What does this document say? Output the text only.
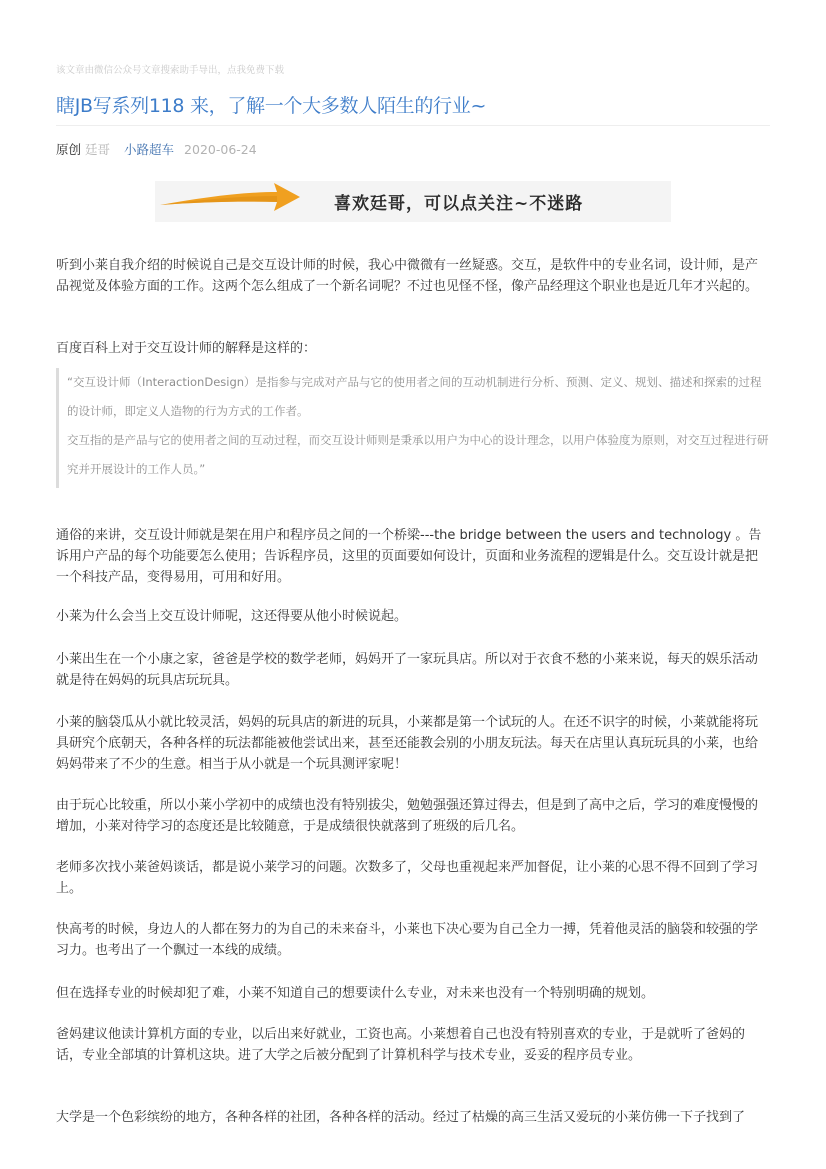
该文章由微信公众号文章搜索助手导出，点我免费下载
瞎JB写系列118 来，了解一个大多数人陌生的行业~
原创 廷哥 小路超车 2020-06-24
喜欢廷哥，可以点关注~不迷路

听到小莱自我介绍的时候说自己是交互设计师的时候，我心中微微有一丝疑惑。交互，是软件中的专业名词，设计师，是产品视觉及体验方面的工作。这两个怎么组成了一个新名词呢？不过也见怪不怪，像产品经理这个职业也是近几年才兴起的。

百度百科上对于交互设计师的解释是这样的：

“交互设计师（InteractionDesign）是指参与完成对产品与它的使用者之间的互动机制进行分析、预测、定义、规划、描述和探索的过程的设计师，即定义人造物的行为方式的工作者。

交互指的是产品与它的使用者之间的互动过程，而交互设计师则是秉承以用户为中心的设计理念，以用户体验度为原则，对交互过程进行研究并开展设计的工作人员。”

通俗的来讲，交互设计师就是架在用户和程序员之间的一个桥梁---the bridge between the users and technology 。告诉用户产品的每个功能要怎么使用；告诉程序员，这里的页面要如何设计，页面和业务流程的逻辑是什么。交互设计就是把一个科技产品，变得易用，可用和好用。

小莱为什么会当上交互设计师呢，这还得要从他小时候说起。

小莱出生在一个小康之家，爸爸是学校的数学老师，妈妈开了一家玩具店。所以对于衣食不愁的小莱来说，每天的娱乐活动就是待在妈妈的玩具店玩玩具。

小莱的脑袋瓜从小就比较灵活，妈妈的玩具店的新进的玩具，小莱都是第一个试玩的人。在还不识字的时候，小莱就能将玩具研究个底朝天，各种各样的玩法都能被他尝试出来，甚至还能教会别的小朋友玩法。每天在店里认真玩玩具的小莱，也给妈妈带来了不少的生意。相当于从小就是一个玩具测评家呢！

由于玩心比较重，所以小莱小学初中的成绩也没有特别拔尖，勉勉强强还算过得去，但是到了高中之后，学习的难度慢慢的增加，小莱对待学习的态度还是比较随意，于是成绩很快就落到了班级的后几名。

老师多次找小莱爸妈谈话，都是说小莱学习的问题。次数多了，父母也重视起来严加督促，让小莱的心思不得不回到了学习上。

快高考的时候，身边人的人都在努力的为自己的未来奋斗，小莱也下决心要为自己全力一搏，凭着他灵活的脑袋和较强的学习力。也考出了一个飘过一本线的成绩。

但在选择专业的时候却犯了难，小莱不知道自己的想要读什么专业，对未来也没有一个特别明确的规划。

爸妈建议他读计算机方面的专业，以后出来好就业，工资也高。小莱想着自己也没有特别喜欢的专业，于是就听了爸妈的话，专业全部填的计算机这块。进了大学之后被分配到了计算机科学与技术专业，妥妥的程序员专业。

大学是一个色彩缤纷的地方，各种各样的社团，各种各样的活动。经过了枯燥的高三生活又爱玩的小莱仿佛一下子找到了
